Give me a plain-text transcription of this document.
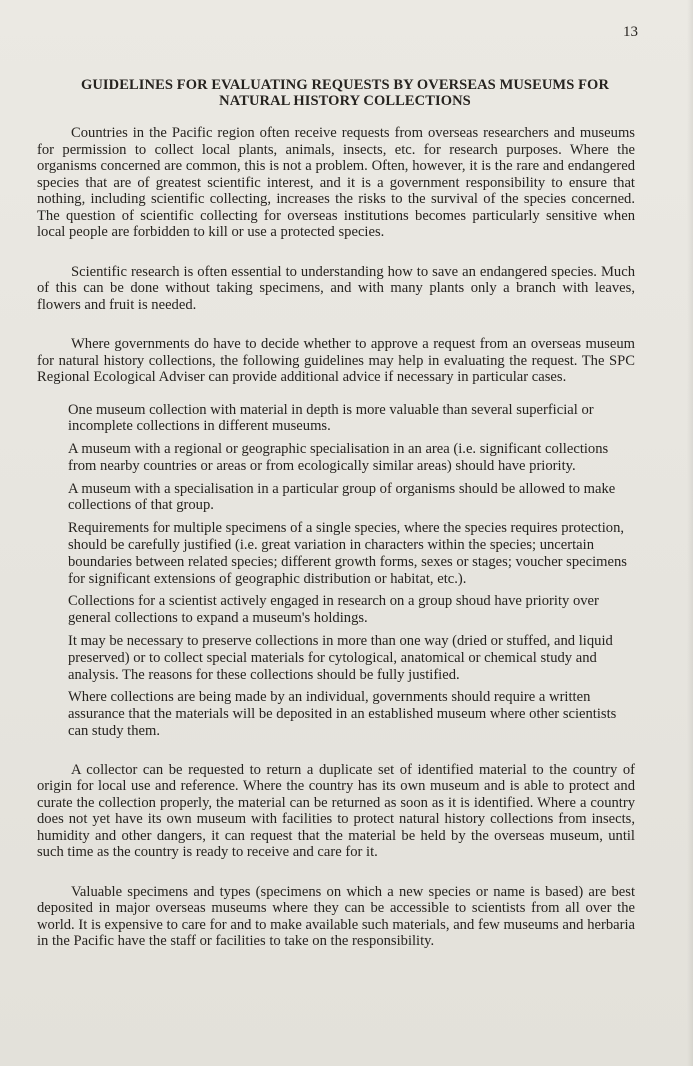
13
GUIDELINES FOR EVALUATING REQUESTS BY OVERSEAS MUSEUMS FOR
NATURAL HISTORY COLLECTIONS

Countries in the Pacific region often receive requests from overseas researchers and museums for permission to collect local plants, animals, insects, etc. for research purposes. Where the organisms concerned are common, this is not a problem. Often, however, it is the rare and endangered species that are of greatest scientific interest, and it is a government responsibility to ensure that nothing, including scientific collecting, increases the risks to the survival of the species concerned. The question of scientific collecting for overseas institutions becomes particularly sensitive when local people are forbidden to kill or use a protected species.

Scientific research is often essential to understanding how to save an endangered species. Much of this can be done without taking specimens, and with many plants only a branch with leaves, flowers and fruit is needed.

Where governments do have to decide whether to approve a request from an overseas museum for natural history collections, the following guidelines may help in evaluating the request. The SPC Regional Ecological Adviser can provide additional advice if necessary in particular cases.

One museum collection with material in depth is more valuable than several superficial or incomplete collections in different museums.
A museum with a regional or geographic specialisation in an area (i.e. significant collections from nearby countries or areas or from ecologically similar areas) should have priority.
A museum with a specialisation in a particular group of organisms should be allowed to make collections of that group.
Requirements for multiple specimens of a single species, where the species requires protection, should be carefully justified (i.e. great variation in characters within the species; uncertain boundaries between related species; different growth forms, sexes or stages; voucher specimens for significant extensions of geographic distribution or habitat, etc.).
Collections for a scientist actively engaged in research on a group shoud have priority over general collections to expand a museum's holdings.
It may be necessary to preserve collections in more than one way (dried or stuffed, and liquid preserved) or to collect special materials for cytological, anatomical or chemical study and analysis. The reasons for these collections should be fully justified.
Where collections are being made by an individual, governments should require a written assurance that the materials will be deposited in an established museum where other scientists can study them.

A collector can be requested to return a duplicate set of identified material to the country of origin for local use and reference. Where the country has its own museum and is able to protect and curate the collection properly, the material can be returned as soon as it is identified. Where a country does not yet have its own museum with facilities to protect natural history collections from insects, humidity and other dangers, it can request that the material be held by the overseas museum, until such time as the country is ready to receive and care for it.

Valuable specimens and types (specimens on which a new species or name is based) are best deposited in major overseas museums where they can be accessible to scientists from all over the world. It is expensive to care for and to make available such materials, and few museums and herbaria in the Pacific have the staff or facilities to take on the responsibility.
